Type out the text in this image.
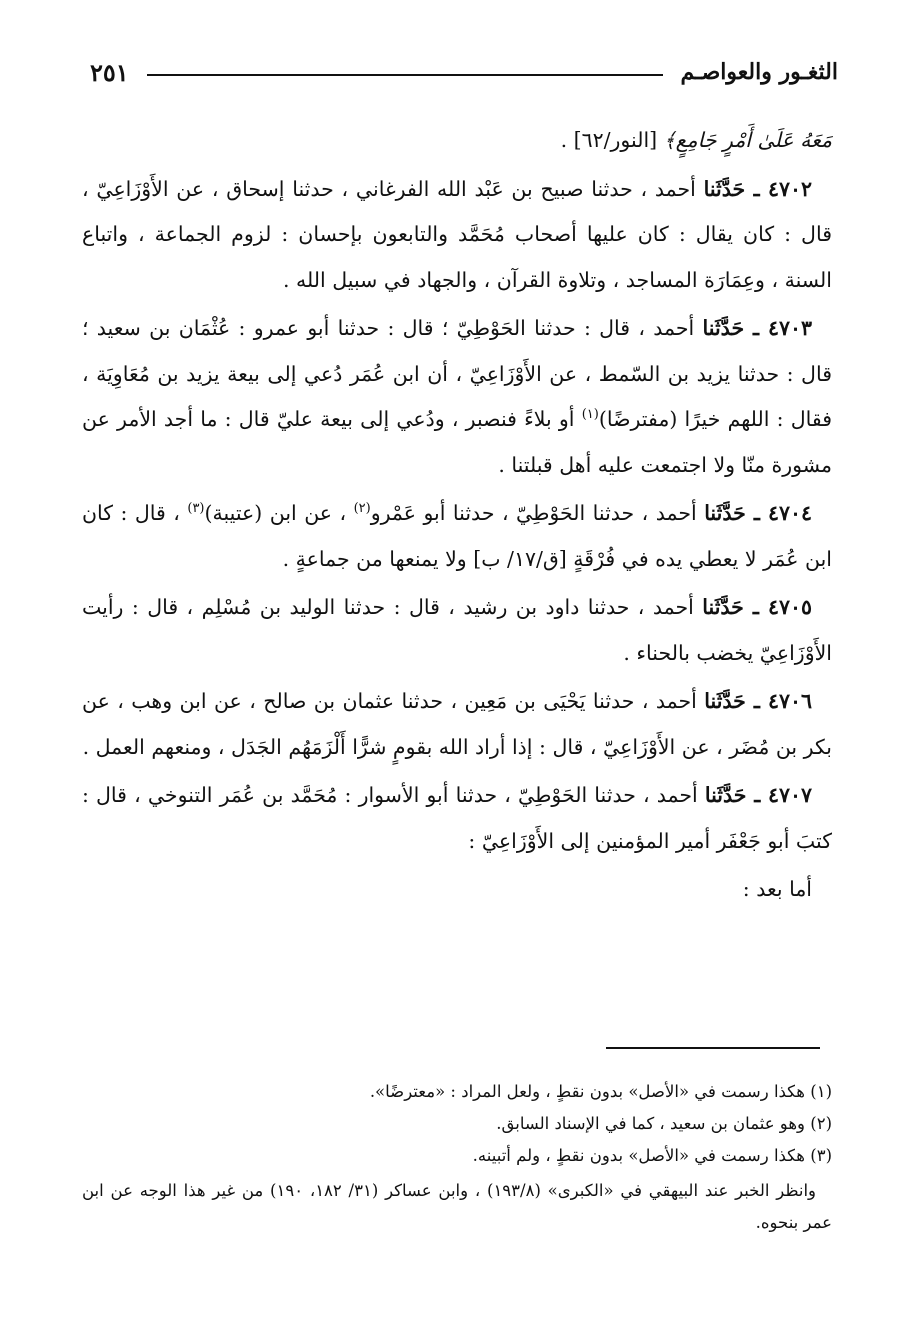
الثغـور والعواصـم
٢٥١

مَعَهُ عَلَىٰ أَمْرٍ جَامِعٍ﴾ [النور/٦٢] .

٤٧٠٢ ـ حَدَّثَنا أحمد ، حدثنا صبيح بن عَبْد الله الفرغاني ، حدثنا إسحاق ، عن الأَوْزَاعِيّ ، قال : كان يقال : كان عليها أصحاب مُحَمَّد والتابعون بإحسان : لزوم الجماعة ، واتباع السنة ، وعِمَارَة المساجد ، وتلاوة القرآن ، والجهاد في سبيل الله .

٤٧٠٣ ـ حَدَّثَنا أحمد ، قال : حدثنا الحَوْطِيّ ؛ قال : حدثنا أبو عمرو : عُثْمَان بن سعيد ؛ قال : حدثنا يزيد بن السّمط ، عن الأَوْزَاعِيّ ، أن ابن عُمَر دُعي إلى بيعة يزيد بن مُعَاوِيَة ، فقال : اللهم خيرًا (مفترضًا)$^{(١)}$ أو بلاءً فنصبر ، ودُعي إلى بيعة عليّ قال : ما أجد الأمر عن مشورة منّا ولا اجتمعت عليه أهل قبلتنا .

٤٧٠٤ ـ حَدَّثَنا أحمد ، حدثنا الحَوْطِيّ ، حدثنا أبو عَمْرو$^{(٢)}$ ، عن ابن (عتيبة)$^{(٣)}$ ، قال : كان ابن عُمَر لا يعطي يده في فُرْقَةٍ [ق/١٧/ ب] ولا يمنعها من جماعةٍ .

٤٧٠٥ ـ حَدَّثَنا أحمد ، حدثنا داود بن رشيد ، قال : حدثنا الوليد بن مُسْلِم ، قال : رأيت الأَوْزَاعِيّ يخضب بالحناء .

٤٧٠٦ ـ حَدَّثَنا أحمد ، حدثنا يَحْيَى بن مَعِين ، حدثنا عثمان بن صالح ، عن ابن وهب ، عن بكر بن مُضَر ، عن الأَوْزَاعِيّ ، قال : إذا أراد الله بقومٍ شرًّا أَلْزَمَهُم الجَدَل ، ومنعهم العمل .

٤٧٠٧ ـ حَدَّثَنا أحمد ، حدثنا الحَوْطِيّ ، حدثنا أبو الأسوار : مُحَمَّد بن عُمَر التنوخي ، قال : كتبَ أبو جَعْفَر أمير المؤمنين إلى الأَوْزَاعِيّ :

أما بعد :

(١) هكذا رسمت في «الأصل» بدون نقطٍ ، ولعل المراد : «معترضًا».

(٢) وهو عثمان بن سعيد ، كما في الإسناد السابق.

(٣) هكذا رسمت في «الأصل» بدون نقطٍ ، ولم أتبينه.

وانظر الخبر عند البيهقي في «الكبرى» (١٩٣/٨) ، وابن عساكر (٣١/ ١٨٢، ١٩٠) من غير هذا الوجه عن ابن عمر بنحوه.
